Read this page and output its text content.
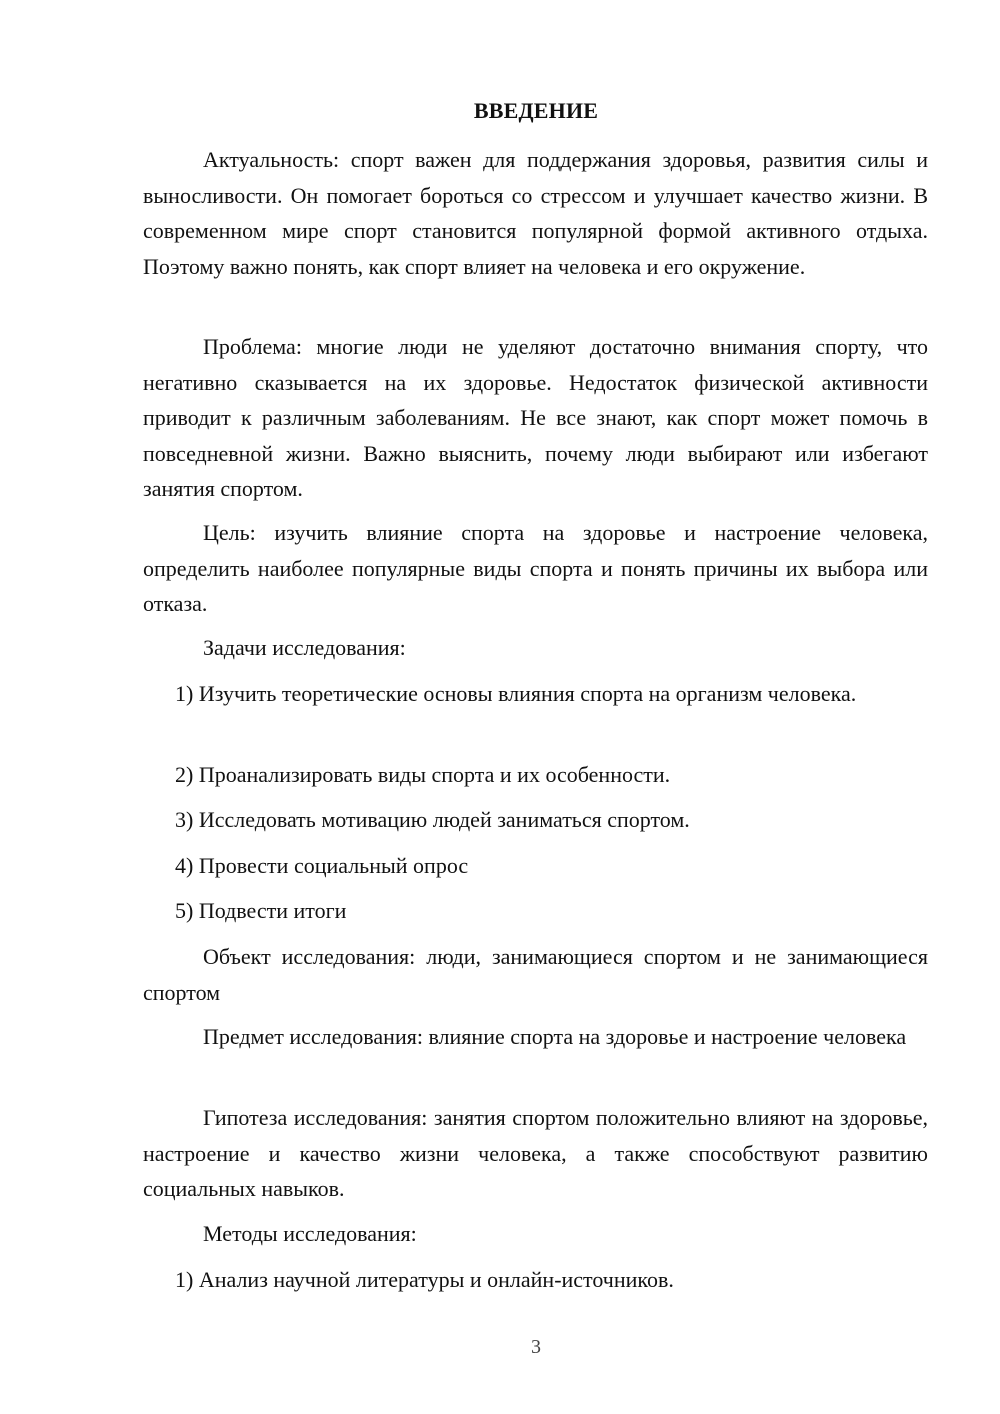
ВВЕДЕНИЕ

Актуальность: спорт важен для поддержания здоровья, развития силы и выносливости. Он помогает бороться со стрессом и улучшает качество жизни. В современном мире спорт становится популярной формой активного отдыха. Поэтому важно понять, как спорт влияет на человека и его окружение.

Проблема: многие люди не уделяют достаточно внимания спорту, что негативно сказывается на их здоровье. Недостаток физической активности приводит к различным заболеваниям. Не все знают, как спорт может помочь в повседневной жизни. Важно выяснить, почему люди выбирают или избегают занятия спортом.

Цель: изучить влияние спорта на здоровье и настроение человека, определить наиболее популярные виды спорта и понять причины их выбора или отказа.

Задачи исследования:

1) Изучить теоретические основы влияния спорта на организм человека.

2) Проанализировать виды спорта и их особенности.

3) Исследовать мотивацию людей заниматься спортом.

4) Провести социальный опрос

5) Подвести итоги

Объект исследования: люди, занимающиеся спортом и не занимающиеся спортом

Предмет исследования: влияние спорта на здоровье и настроение человека

Гипотеза исследования: занятия спортом положительно влияют на здоровье, настроение и качество жизни человека, а также способствуют развитию социальных навыков.

Методы исследования:

1) Анализ научной литературы и онлайн-источников.

3
